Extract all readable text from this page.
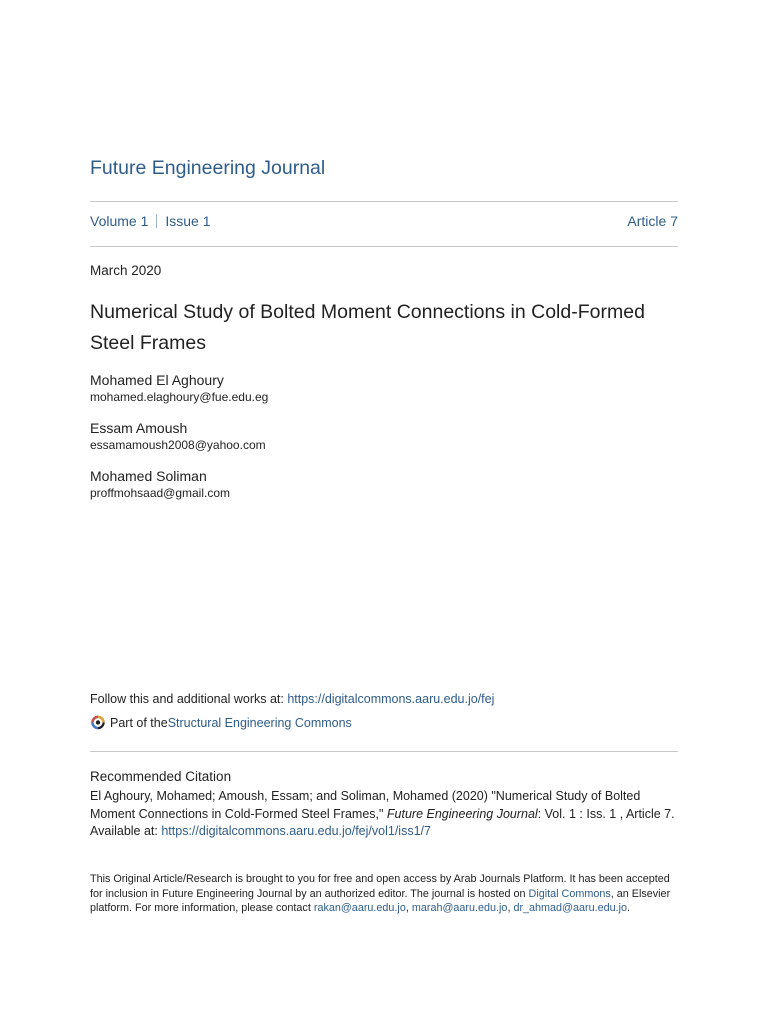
Future Engineering Journal
Volume 1 Issue 1	Article 7
March 2020
Numerical Study of Bolted Moment Connections in Cold-Formed Steel Frames
Mohamed El Aghoury
mohamed.elaghoury@fue.edu.eg
Essam Amoush
essamamoush2008@yahoo.com
Mohamed Soliman
proffmohsaad@gmail.com
Follow this and additional works at: https://digitalcommons.aaru.edu.jo/fej
Part of the Structural Engineering Commons
Recommended Citation
El Aghoury, Mohamed; Amoush, Essam; and Soliman, Mohamed (2020) "Numerical Study of Bolted Moment Connections in Cold-Formed Steel Frames," Future Engineering Journal: Vol. 1 : Iss. 1 , Article 7.
Available at: https://digitalcommons.aaru.edu.jo/fej/vol1/iss1/7
This Original Article/Research is brought to you for free and open access by Arab Journals Platform. It has been accepted for inclusion in Future Engineering Journal by an authorized editor. The journal is hosted on Digital Commons, an Elsevier platform. For more information, please contact rakan@aaru.edu.jo, marah@aaru.edu.jo, dr_ahmad@aaru.edu.jo.
